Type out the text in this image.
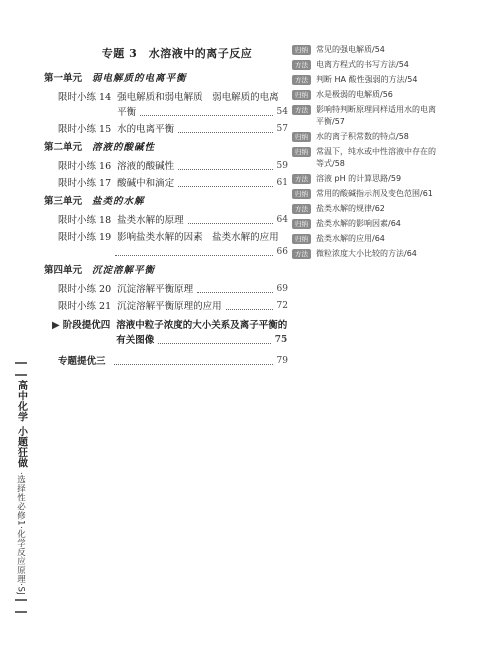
专题 3　水溶液中的离子反应
第一单元 弱电解质的电离平衡
限时小练 14 强电解质和弱电解质　弱电解质的电离
平衡	54
限时小练 15 水的电离平衡	57
第二单元 溶液的酸碱性
限时小练 16 溶液的酸碱性	59
限时小练 17 酸碱中和滴定	61
第三单元 盐类的水解
限时小练 18 盐类水解的原理	64
限时小练 19 影响盐类水解的因素　盐类水解的应用
66
第四单元 沉淀溶解平衡
限时小练 20 沉淀溶解平衡原理	69
限时小练 21 沉淀溶解平衡原理的应用	72
▶ 阶段提优四 溶液中粒子浓度的大小关系及离子平衡的
有关图像	75
专题提优三	79
归纳	常见的强电解质/54
方法	电离方程式的书写方法/54
方法	判断 HA 酸性强弱的方法/54
归纳	水是极弱的电解质/56
方法	影响特判断原理同样适用水的电离平衡/57
归纳	水的离子积常数的特点/58
归纳	常温下，纯水或中性溶液中存在的等式/58
方法	溶液 pH 的计算思路/59
归纳	常用的酸碱指示剂及变色范围/61
方法	盐类水解的规律/62
归纳	盐类水解的影响因素/64
归纳	盐类水解的应用/64
方法	微粒浓度大小比较的方法/64
高中化学 小题狂做 ·选择性必修1·化学反应原理·SJ
